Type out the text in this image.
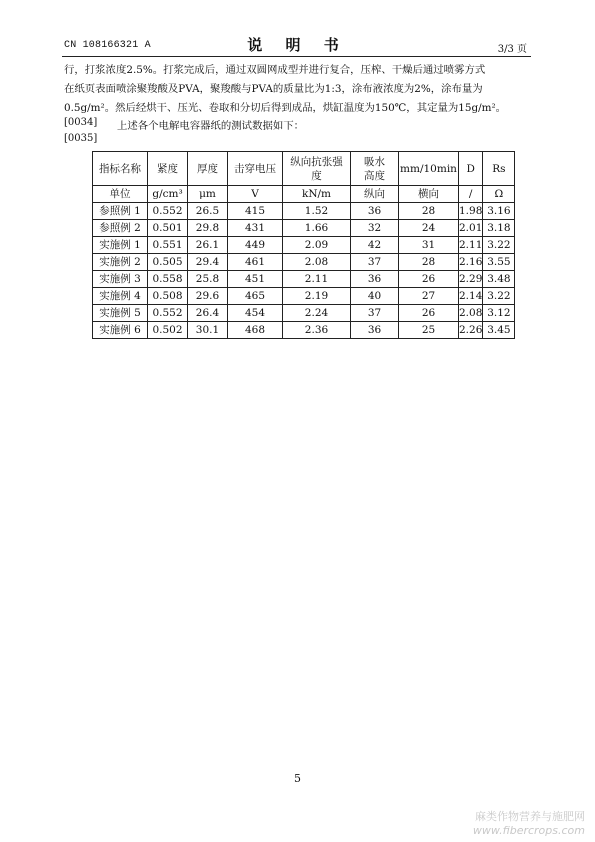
CN 108166321 A	说 明 书	3/3 页
行，打浆浓度2.5%。打浆完成后，通过双圆网成型并进行复合，压榨、干燥后通过喷雾方式
在纸页表面喷涂聚羧酸及PVA，聚羧酸与PVA的质量比为1:3，涂布液浓度为2%，涂布量为
0.5g/m²。然后经烘干、压光、卷取和分切后得到成品，烘缸温度为150℃，其定量为15g/m²。
[0034] 上述各个电解电容器纸的测试数据如下：
[0035]
指标名称	紧度	厚度	击穿电压	纵向抗张强度	吸水高度	mm/10min	D	Rs
单位	g/cm³	μm	V	kN/m	纵向	横向	/	Ω
参照例 1	0.552	26.5	415	1.52	36	28	1.98	3.16
参照例 2	0.501	29.8	431	1.66	32	24	2.01	3.18
实施例 1	0.551	26.1	449	2.09	42	31	2.11	3.22
实施例 2	0.505	29.4	461	2.08	37	28	2.16	3.55
实施例 3	0.558	25.8	451	2.11	36	26	2.29	3.48
实施例 4	0.508	29.6	465	2.19	40	27	2.14	3.22
实施例 5	0.552	26.4	454	2.24	37	26	2.08	3.12
实施例 6	0.502	30.1	468	2.36	36	25	2.26	3.45
5
麻类作物营养与施肥网
www.fibercrops.com
